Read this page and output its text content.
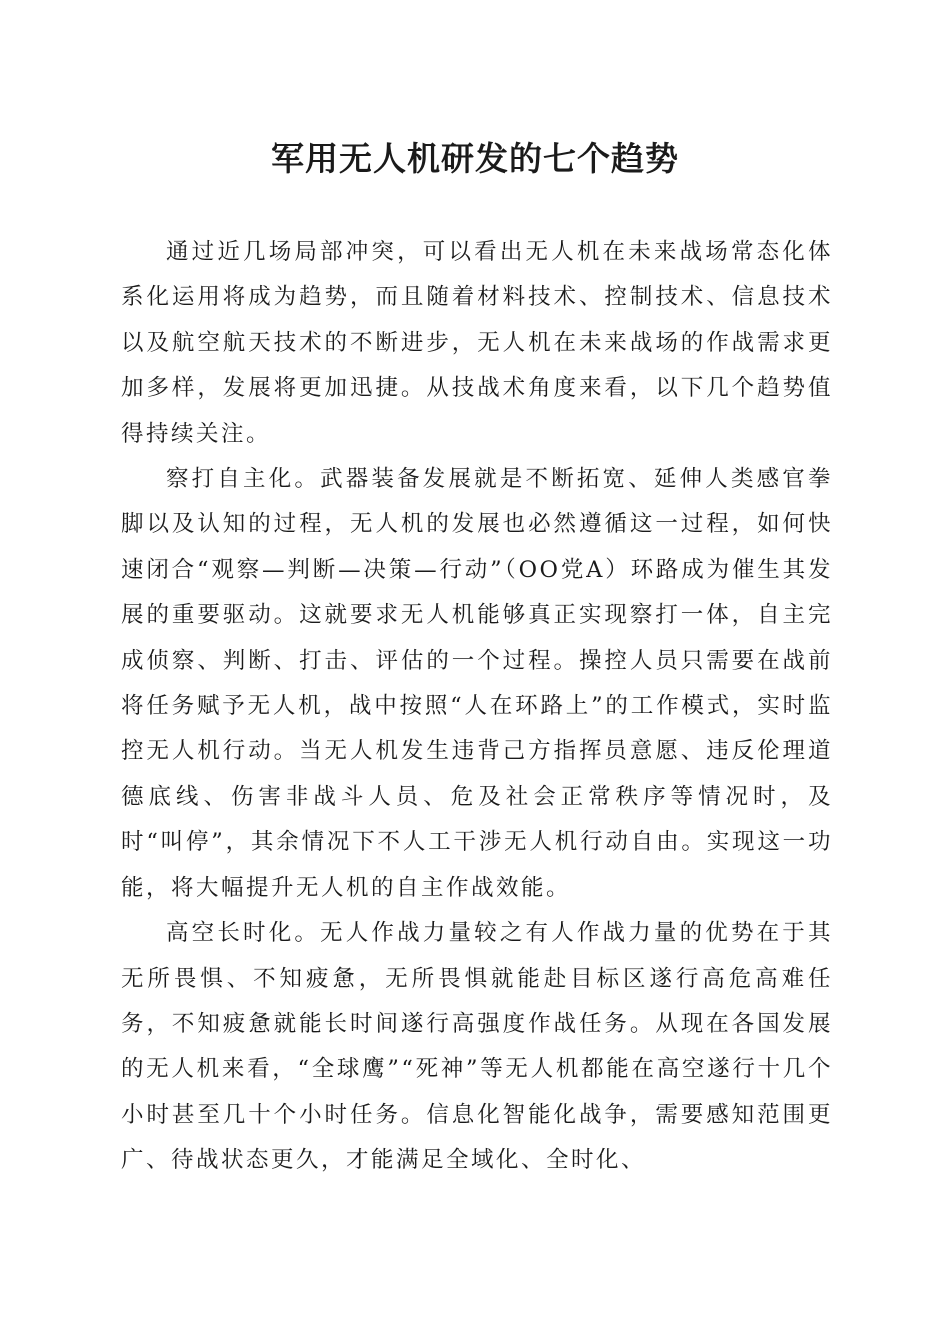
军用无人机研发的七个趋势

通过近几场局部冲突，可以看出无人机在未来战场常态化体系化运用将成为趋势，而且随着材料技术、控制技术、信息技术以及航空航天技术的不断进步，无人机在未来战场的作战需求更加多样，发展将更加迅捷。从技战术角度来看，以下几个趋势值得持续关注。

察打自主化。武器装备发展就是不断拓宽、延伸人类感官拳脚以及认知的过程，无人机的发展也必然遵循这一过程，如何快速闭合“观察—判断—决策—行动”（OO党A）环路成为催生其发展的重要驱动。这就要求无人机能够真正实现察打一体，自主完成侦察、判断、打击、评估的一个过程。操控人员只需要在战前将任务赋予无人机，战中按照“人在环路上”的工作模式，实时监控无人机行动。当无人机发生违背己方指挥员意愿、违反伦理道德底线、伤害非战斗人员、危及社会正常秩序等情况时，及时“叫停”，其余情况下不人工干涉无人机行动自由。实现这一功能，将大幅提升无人机的自主作战效能。

高空长时化。无人作战力量较之有人作战力量的优势在于其无所畏惧、不知疲惫，无所畏惧就能赴目标区遂行高危高难任务，不知疲惫就能长时间遂行高强度作战任务。从现在各国发展的无人机来看，“全球鹰”“死神”等无人机都能在高空遂行十几个小时甚至几十个小时任务。信息化智能化战争，需要感知范围更广、待战状态更久，才能满足全域化、全时化、
